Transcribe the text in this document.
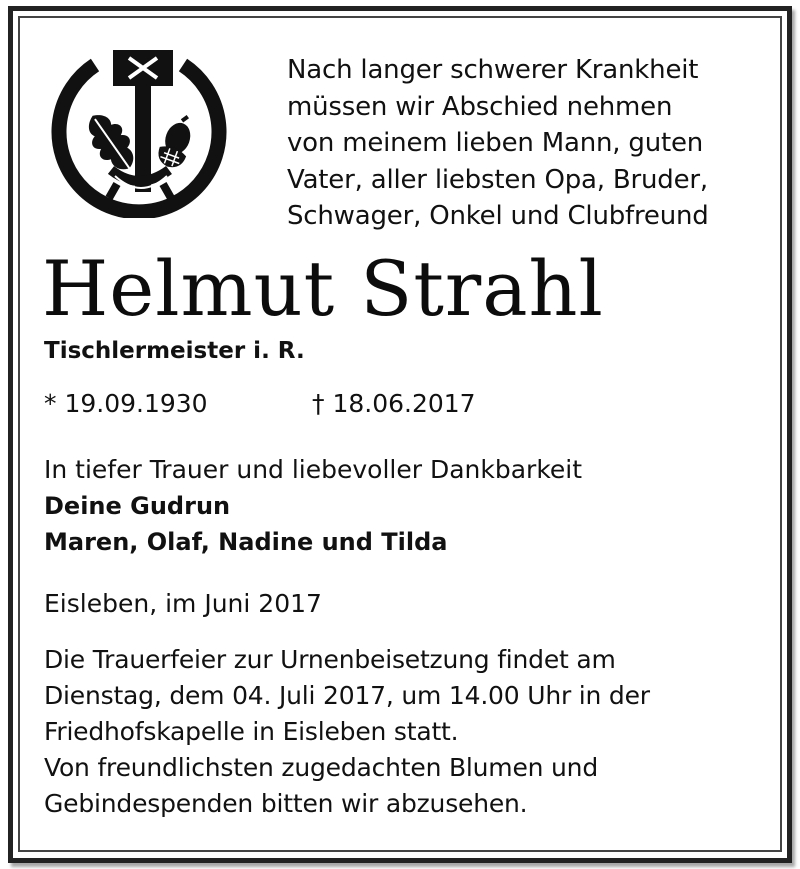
Nach langer schwerer Krankheit
müssen wir Abschied nehmen
von meinem lieben Mann, guten
Vater, aller liebsten Opa, Bruder,
Schwager, Onkel und Clubfreund
Helmut Strahl
Tischlermeister i. R.
* 19.09.1930	† 18.06.2017
In tiefer Trauer und liebevoller Dankbarkeit
Deine Gudrun
Maren, Olaf, Nadine und Tilda
Eisleben, im Juni 2017
Die Trauerfeier zur Urnenbeisetzung findet am
Dienstag, dem 04. Juli 2017, um 14.00 Uhr in der
Friedhofskapelle in Eisleben statt.
Von freundlichsten zugedachten Blumen und
Gebindespenden bitten wir abzusehen.
